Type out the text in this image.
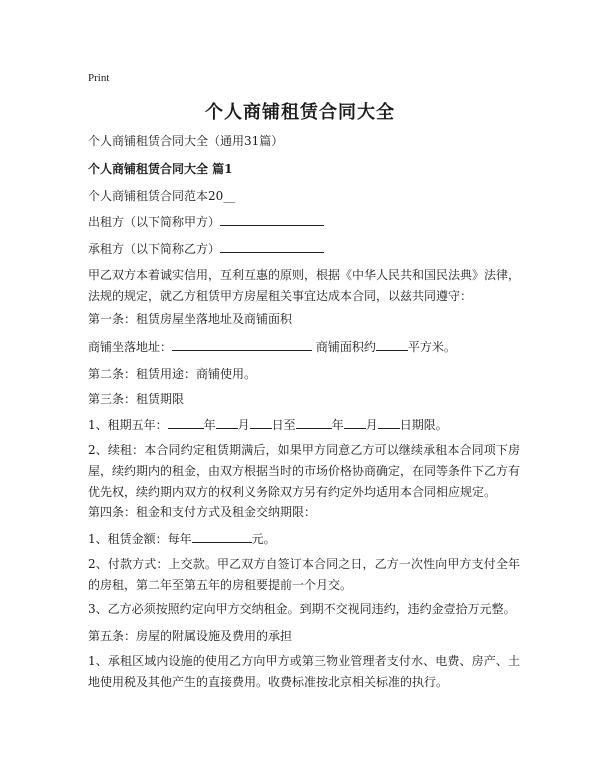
Print
个人商铺租赁合同大全
个人商铺租赁合同大全（通用31篇）
个人商铺租赁合同大全 篇1
个人商铺租赁合同范本20__
出租方（以下简称甲方）
承租方（以下简称乙方）
甲乙双方本着诚实信用，互利互惠的原则，根据《中华人民共和国民法典》法律，法规的规定，就乙方租赁甲方房屋租关事宜达成本合同，以兹共同遵守：
第一条：租赁房屋坐落地址及商铺面积
商铺坐落地址：	商铺面积约	平方米。
第二条：租赁用途：商铺使用。
第三条：租赁期限
1、租期五年：	年 月 日至	年 月 日期限。
2、续租：本合同约定租赁期满后，如果甲方同意乙方可以继续承租本合同项下房屋，续约期内的租金，由双方根据当时的市场价格协商确定，在同等条件下乙方有优先权，续约期内双方的权利义务除双方另有约定外均适用本合同相应规定。
第四条：租金和支付方式及租金交纳期限：
1、租赁金额：每年	元。
2、付款方式：上交款。甲乙双方自签订本合同之日，乙方一次性向甲方支付全年的房租，第二年至第五年的房租要提前一个月交。
3、乙方必须按照约定向甲方交纳租金。到期不交视同违约，违约金壹拾万元整。
第五条：房屋的附属设施及费用的承担
1、承租区域内设施的使用乙方向甲方或第三物业管理者支付水、电费、房产、土地使用税及其他产生的直接费用。收费标准按北京相关标准的执行。
